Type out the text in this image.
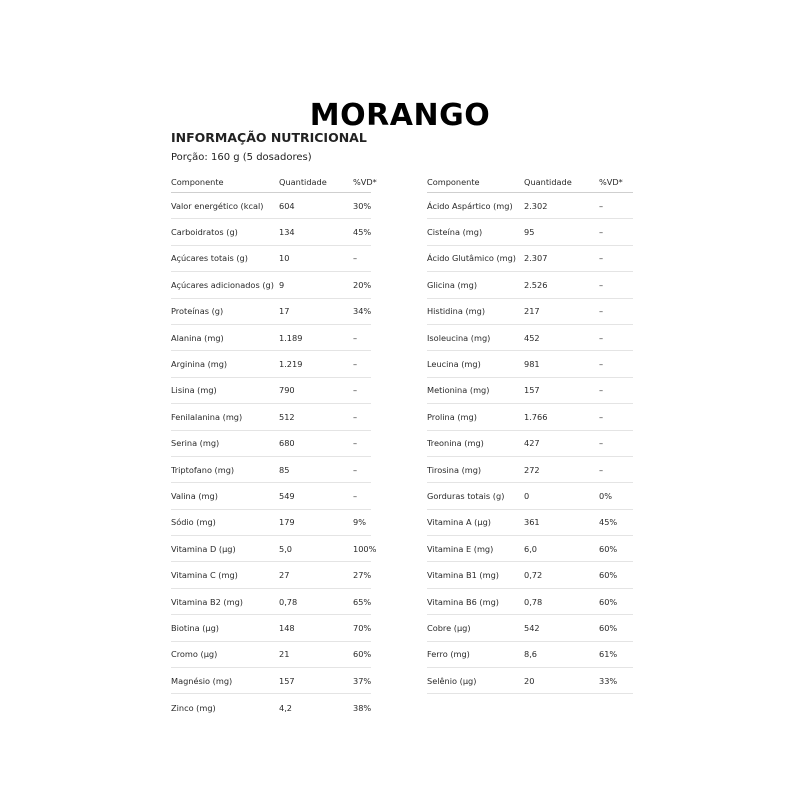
MORANGO
INFORMAÇÃO NUTRICIONAL
Porção: 160 g (5 dosadores)
Componente	Quantidade	%VD*
Valor energético (kcal) 604	30%
Carboidratos (g)	134	45%
Açúcares totais (g)	10	–
Açúcares adicionados (g) 9	20%
Proteínas (g)	17	34%
Alanina (mg)	1.189	–
Arginina (mg)	1.219	–
Lisina (mg)	790	–
Fenilalanina (mg)	512	–
Serina (mg)	680	–
Triptofano (mg)	85	–
Valina (mg)	549	–
Sódio (mg)	179	9%
Vitamina D (µg)	5,0	100%
Vitamina C (mg)	27	27%
Vitamina B2 (mg)	0,78	65%
Biotina (µg)	148	70%
Cromo (µg)	21	60%
Magnésio (mg)	157	37%
Zinco (mg)	4,2	38%
Componente	Quantidade	%VD*
Ácido Aspártico (mg) 2.302	–
Cisteína (mg)	95	–
Ácido Glutâmico (mg) 2.307	–
Glicina (mg)	2.526	–
Histidina (mg)	217	–
Isoleucina (mg)	452	–
Leucina (mg)	981	–
Metionina (mg)	157	–
Prolina (mg)	1.766	–
Treonina (mg)	427	–
Tirosina (mg)	272	–
Gorduras totais (g) 0	0%
Vitamina A (µg)	361	45%
Vitamina E (mg)	6,0	60%
Vitamina B1 (mg)	0,72	60%
Vitamina B6 (mg)	0,78	60%
Cobre (µg)	542	60%
Ferro (mg)	8,6	61%
Selênio (µg)	20	33%
